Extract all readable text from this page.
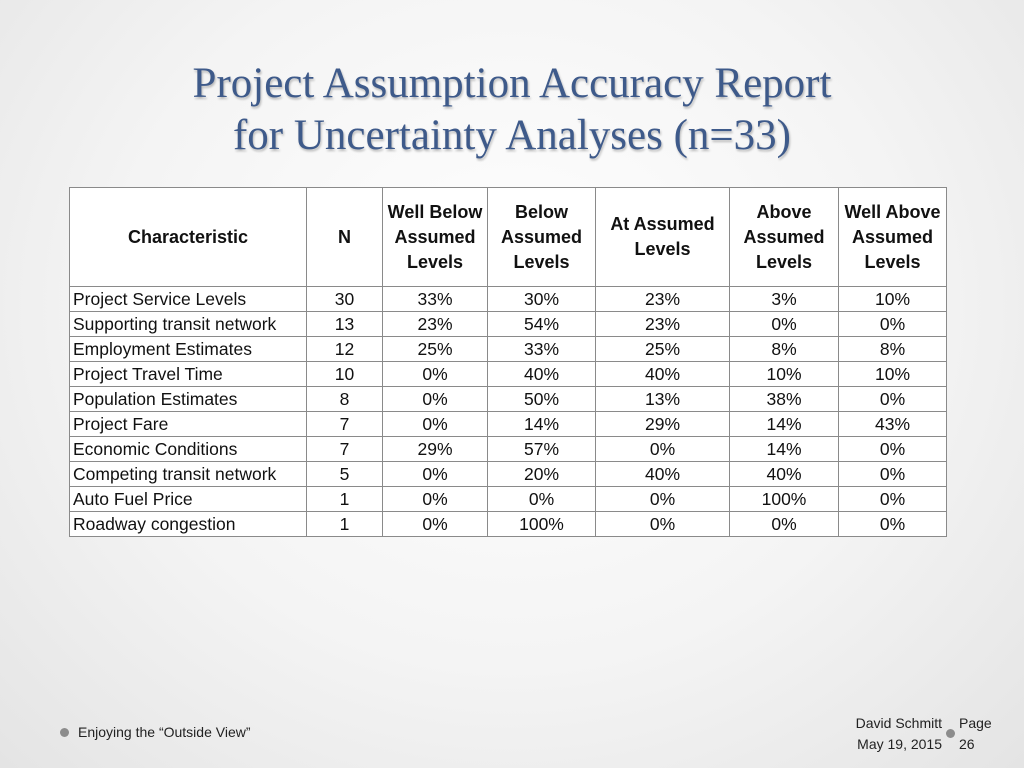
Project Assumption Accuracy Report
for Uncertainty Analyses (n=33)
Characteristic	N	Well Below Assumed Levels	Below Assumed Levels	At Assumed Levels	Above Assumed Levels	Well Above Assumed Levels
Project Service Levels	30	33%	30%	23%	3%	10%
Supporting transit network	13	23%	54%	23%	0%	0%
Employment Estimates	12	25%	33%	25%	8%	8%
Project Travel Time	10	0%	40%	40%	10%	10%
Population Estimates	8	0%	50%	13%	38%	0%
Project Fare	7	0%	14%	29%	14%	43%
Economic Conditions	7	29%	57%	0%	14%	0%
Competing transit network	5	0%	20%	40%	40%	0%
Auto Fuel Price	1	0%	0%	0%	100%	0%
Roadway congestion	1	0%	100%	0%	0%	0%
Enjoying the “Outside View”
David Schmitt
May 19, 2015
Page
26
